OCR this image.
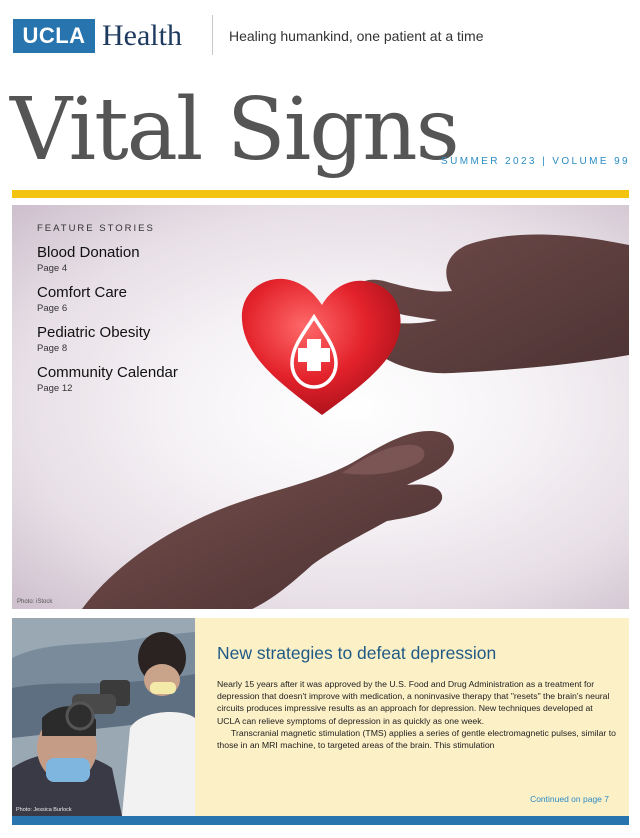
UCLA Health	Healing humankind, one patient at a time
Vital Signs
SUMMER 2023 | VOLUME 99
FEATURE STORIES
Blood Donation
Page 4
Comfort Care
Page 6
Pediatric Obesity
Page 8
Community Calendar
Page 12
Photo: iStock
Photo: Jessica Burlock
New strategies to defeat depression

Nearly 15 years after it was approved by the U.S. Food and Drug Administration as a treatment for depression that doesn't improve with medication, a noninvasive therapy that "resets" the brain's neural circuits produces impressive results as an approach for depression. New techniques developed at UCLA can relieve symptoms of depression in as quickly as one week.

Transcranial magnetic stimulation (TMS) applies a series of gentle electromagnetic pulses, similar to those in an MRI machine, to targeted areas of the brain. This stimulation

Continued on page 7
